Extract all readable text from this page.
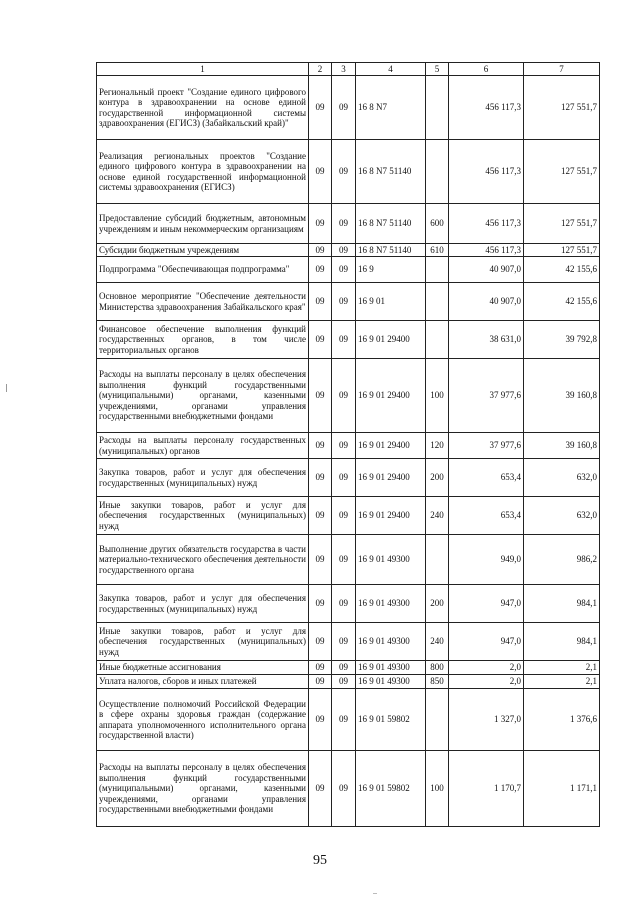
1	2	3	4	5	6	7
Региональный проект "Создание единого цифрового контура в здравоохранении на основе единой государственной информационной системы здравоохранения (ЕГИСЗ) (Забайкальский край)"	09	09	16 8 N7		456 117,3	127 551,7
Реализация региональных проектов "Создание единого цифрового контура в здравоохранении на основе единой государственной информационной системы здравоохранения (ЕГИСЗ)	09	09	16 8 N7 51140		456 117,3	127 551,7
Предоставление субсидий бюджетным, автономным учреждениям и иным некоммерческим организациям	09	09	16 8 N7 51140	600	456 117,3	127 551,7
Субсидии бюджетным учреждениям	09	09	16 8 N7 51140	610	456 117,3	127 551,7
Подпрограмма "Обеспечивающая подпрограмма"	09	09	16 9		40 907,0	42 155,6
Основное мероприятие "Обеспечение деятельности Министерства здравоохранения Забайкальского края"	09	09	16 9 01		40 907,0	42 155,6
Финансовое обеспечение выполнения функций государственных органов, в том числе территориальных органов	09	09	16 9 01 29400		38 631,0	39 792,8
Расходы на выплаты персоналу в целях обеспечения выполнения функций государственными (муниципальными) органами, казенными учреждениями, органами управления государственными внебюджетными фондами	09	09	16 9 01 29400	100	37 977,6	39 160,8
Расходы на выплаты персоналу государственных (муниципальных) органов	09	09	16 9 01 29400	120	37 977,6	39 160,8
Закупка товаров, работ и услуг для обеспечения государственных (муниципальных) нужд	09	09	16 9 01 29400	200	653,4	632,0
Иные закупки товаров, работ и услуг для обеспечения государственных (муниципальных) нужд	09	09	16 9 01 29400	240	653,4	632,0
Выполнение других обязательств государства в части материально-технического обеспечения деятельности государственного органа	09	09	16 9 01 49300		949,0	986,2
Закупка товаров, работ и услуг для обеспечения государственных (муниципальных) нужд	09	09	16 9 01 49300	200	947,0	984,1
Иные закупки товаров, работ и услуг для обеспечения государственных (муниципальных) нужд	09	09	16 9 01 49300	240	947,0	984,1
Иные бюджетные ассигнования	09	09	16 9 01 49300	800	2,0	2,1
Уплата налогов, сборов и иных платежей	09	09	16 9 01 49300	850	2,0	2,1
Осуществление полномочий Российской Федерации в сфере охраны здоровья граждан (содержание аппарата уполномоченного исполнительного органа государственной власти)	09	09	16 9 01 59802		1 327,0	1 376,6
Расходы на выплаты персоналу в целях обеспечения выполнения функций государственными (муниципальными) органами, казенными учреждениями, органами управления государственными внебюджетными фондами	09	09	16 9 01 59802	100	1 170,7	1 171,1
95
